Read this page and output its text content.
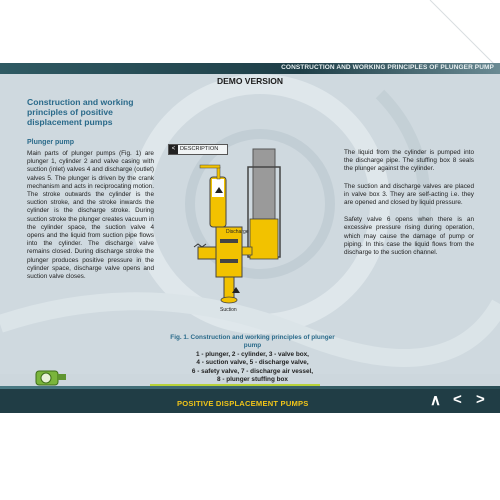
CONSTRUCTION AND WORKING PRINCIPLES OF PLUNGER PUMP
DEMO VERSION
Construction and working principles of positive displacement pumps
Plunger pump
Main parts of plunger pumps (Fig. 1) are plunger 1, cylinder 2 and valve casing with suction (inlet) valves 4 and discharge (outlet) valves 5. The plunger is driven by the crank mechanism and acts in reciprocating motion. The stroke outwards the cylinder is the suction stroke, and the stroke inwards the cylinder is the discharge stroke. During suction stroke the plunger creates vacuum in the cylinder space, the suction valve 4 opens and the liquid from suction pipe flows into the cylinder. The discharge valve remains closed. During discharge stroke the plunger produces positive pressure in the cylinder space, discharge valve opens and suction valve closes.

The liquid from the cylinder is pumped into the discharge pipe. The stuffing box 8 seals the plunger against the cylinder.

The suction and discharge valves are placed in valve box 3. They are self-acting i.e. they are opened and closed by liquid pressure.

Safety valve 6 opens when there is an excessive pressure rising during operation, which may cause the damage of pump or piping. In this case the liquid flows from the discharge to the suction channel.

< DESCRIPTION
Discharge
Suction
Fig. 1. Construction and working principles of plunger pump
1 - plunger, 2 - cylinder, 3 - valve box,
4 - suction valve, 5 - discharge valve,
6 - safety valve, 7 - discharge air vessel,
8 - plunger stuffing box
POSITIVE DISPLACEMENT PUMPS	∧ < >
